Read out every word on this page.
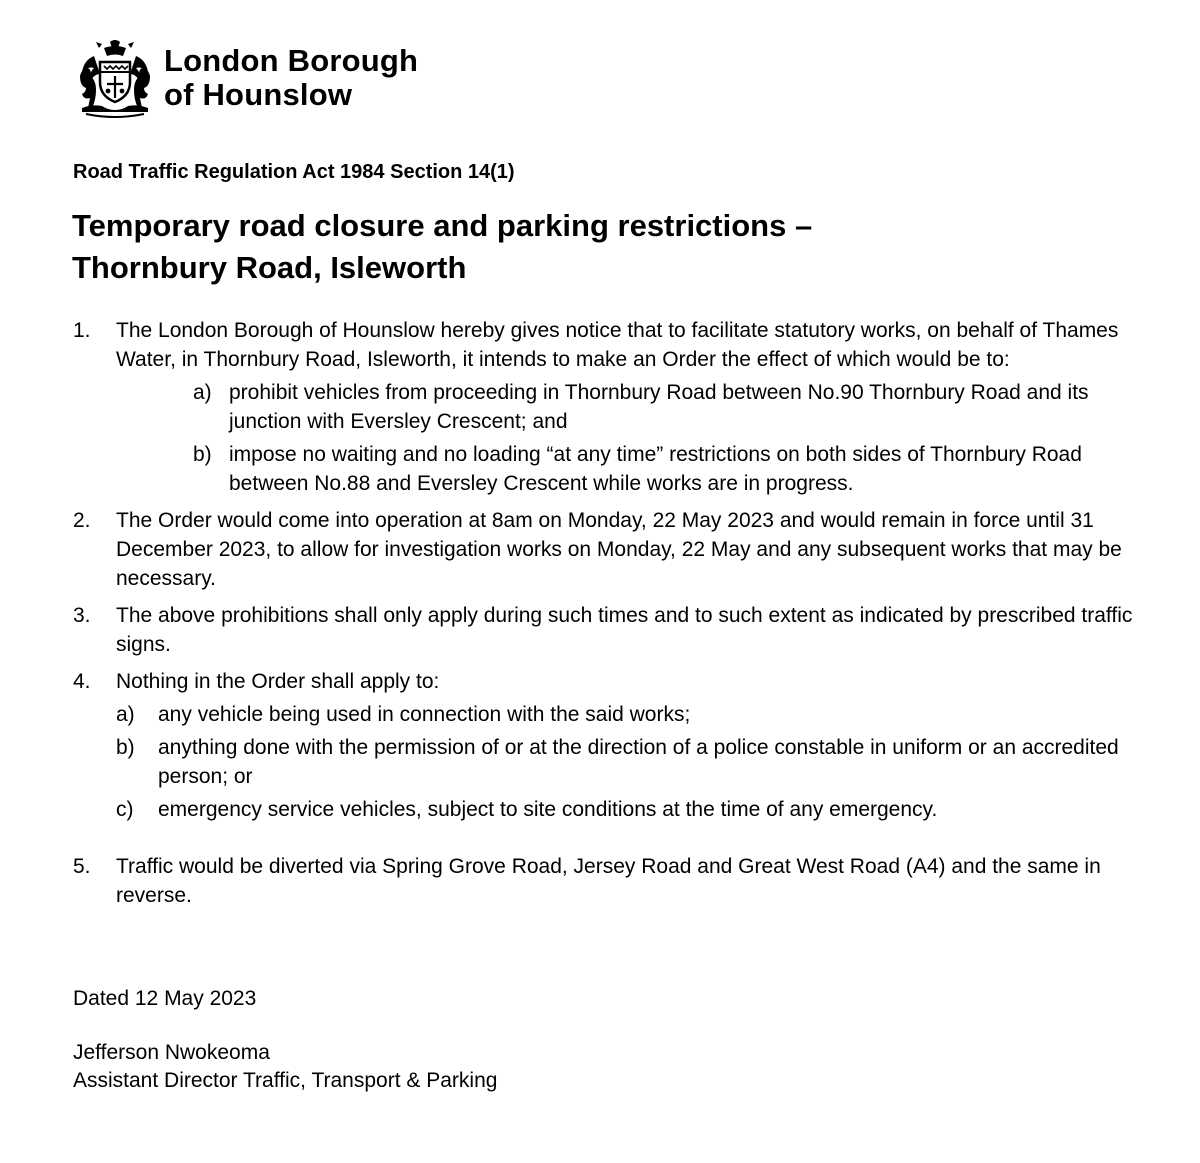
London Borough
of Hounslow
Road Traffic Regulation Act 1984 Section 14(1)
Temporary road closure and parking restrictions –
Thornbury Road, Isleworth
1.	The London Borough of Hounslow hereby gives notice that to facilitate statutory works, on behalf of Thames Water, in Thornbury Road, Isleworth, it intends to make an Order the effect of which would be to:
a) prohibit vehicles from proceeding in Thornbury Road between No.90 Thornbury Road and its junction with Eversley Crescent; and
b) impose no waiting and no loading “at any time” restrictions on both sides of Thornbury Road between No.88 and Eversley Crescent while works are in progress.
2.	The Order would come into operation at 8am on Monday, 22 May 2023 and would remain in force until 31 December 2023, to allow for investigation works on Monday, 22 May and any subsequent works that may be necessary.
3.	The above prohibitions shall only apply during such times and to such extent as indicated by prescribed traffic signs.
4.	Nothing in the Order shall apply to:
a)	any vehicle being used in connection with the said works;
b)	anything done with the permission of or at the direction of a police constable in uniform or an accredited person; or
c)	emergency service vehicles, subject to site conditions at the time of any emergency.
5.	Traffic would be diverted via Spring Grove Road, Jersey Road and Great West Road (A4) and the same in reverse.
Dated 12 May 2023
Jefferson Nwokeoma
Assistant Director Traffic, Transport & Parking
